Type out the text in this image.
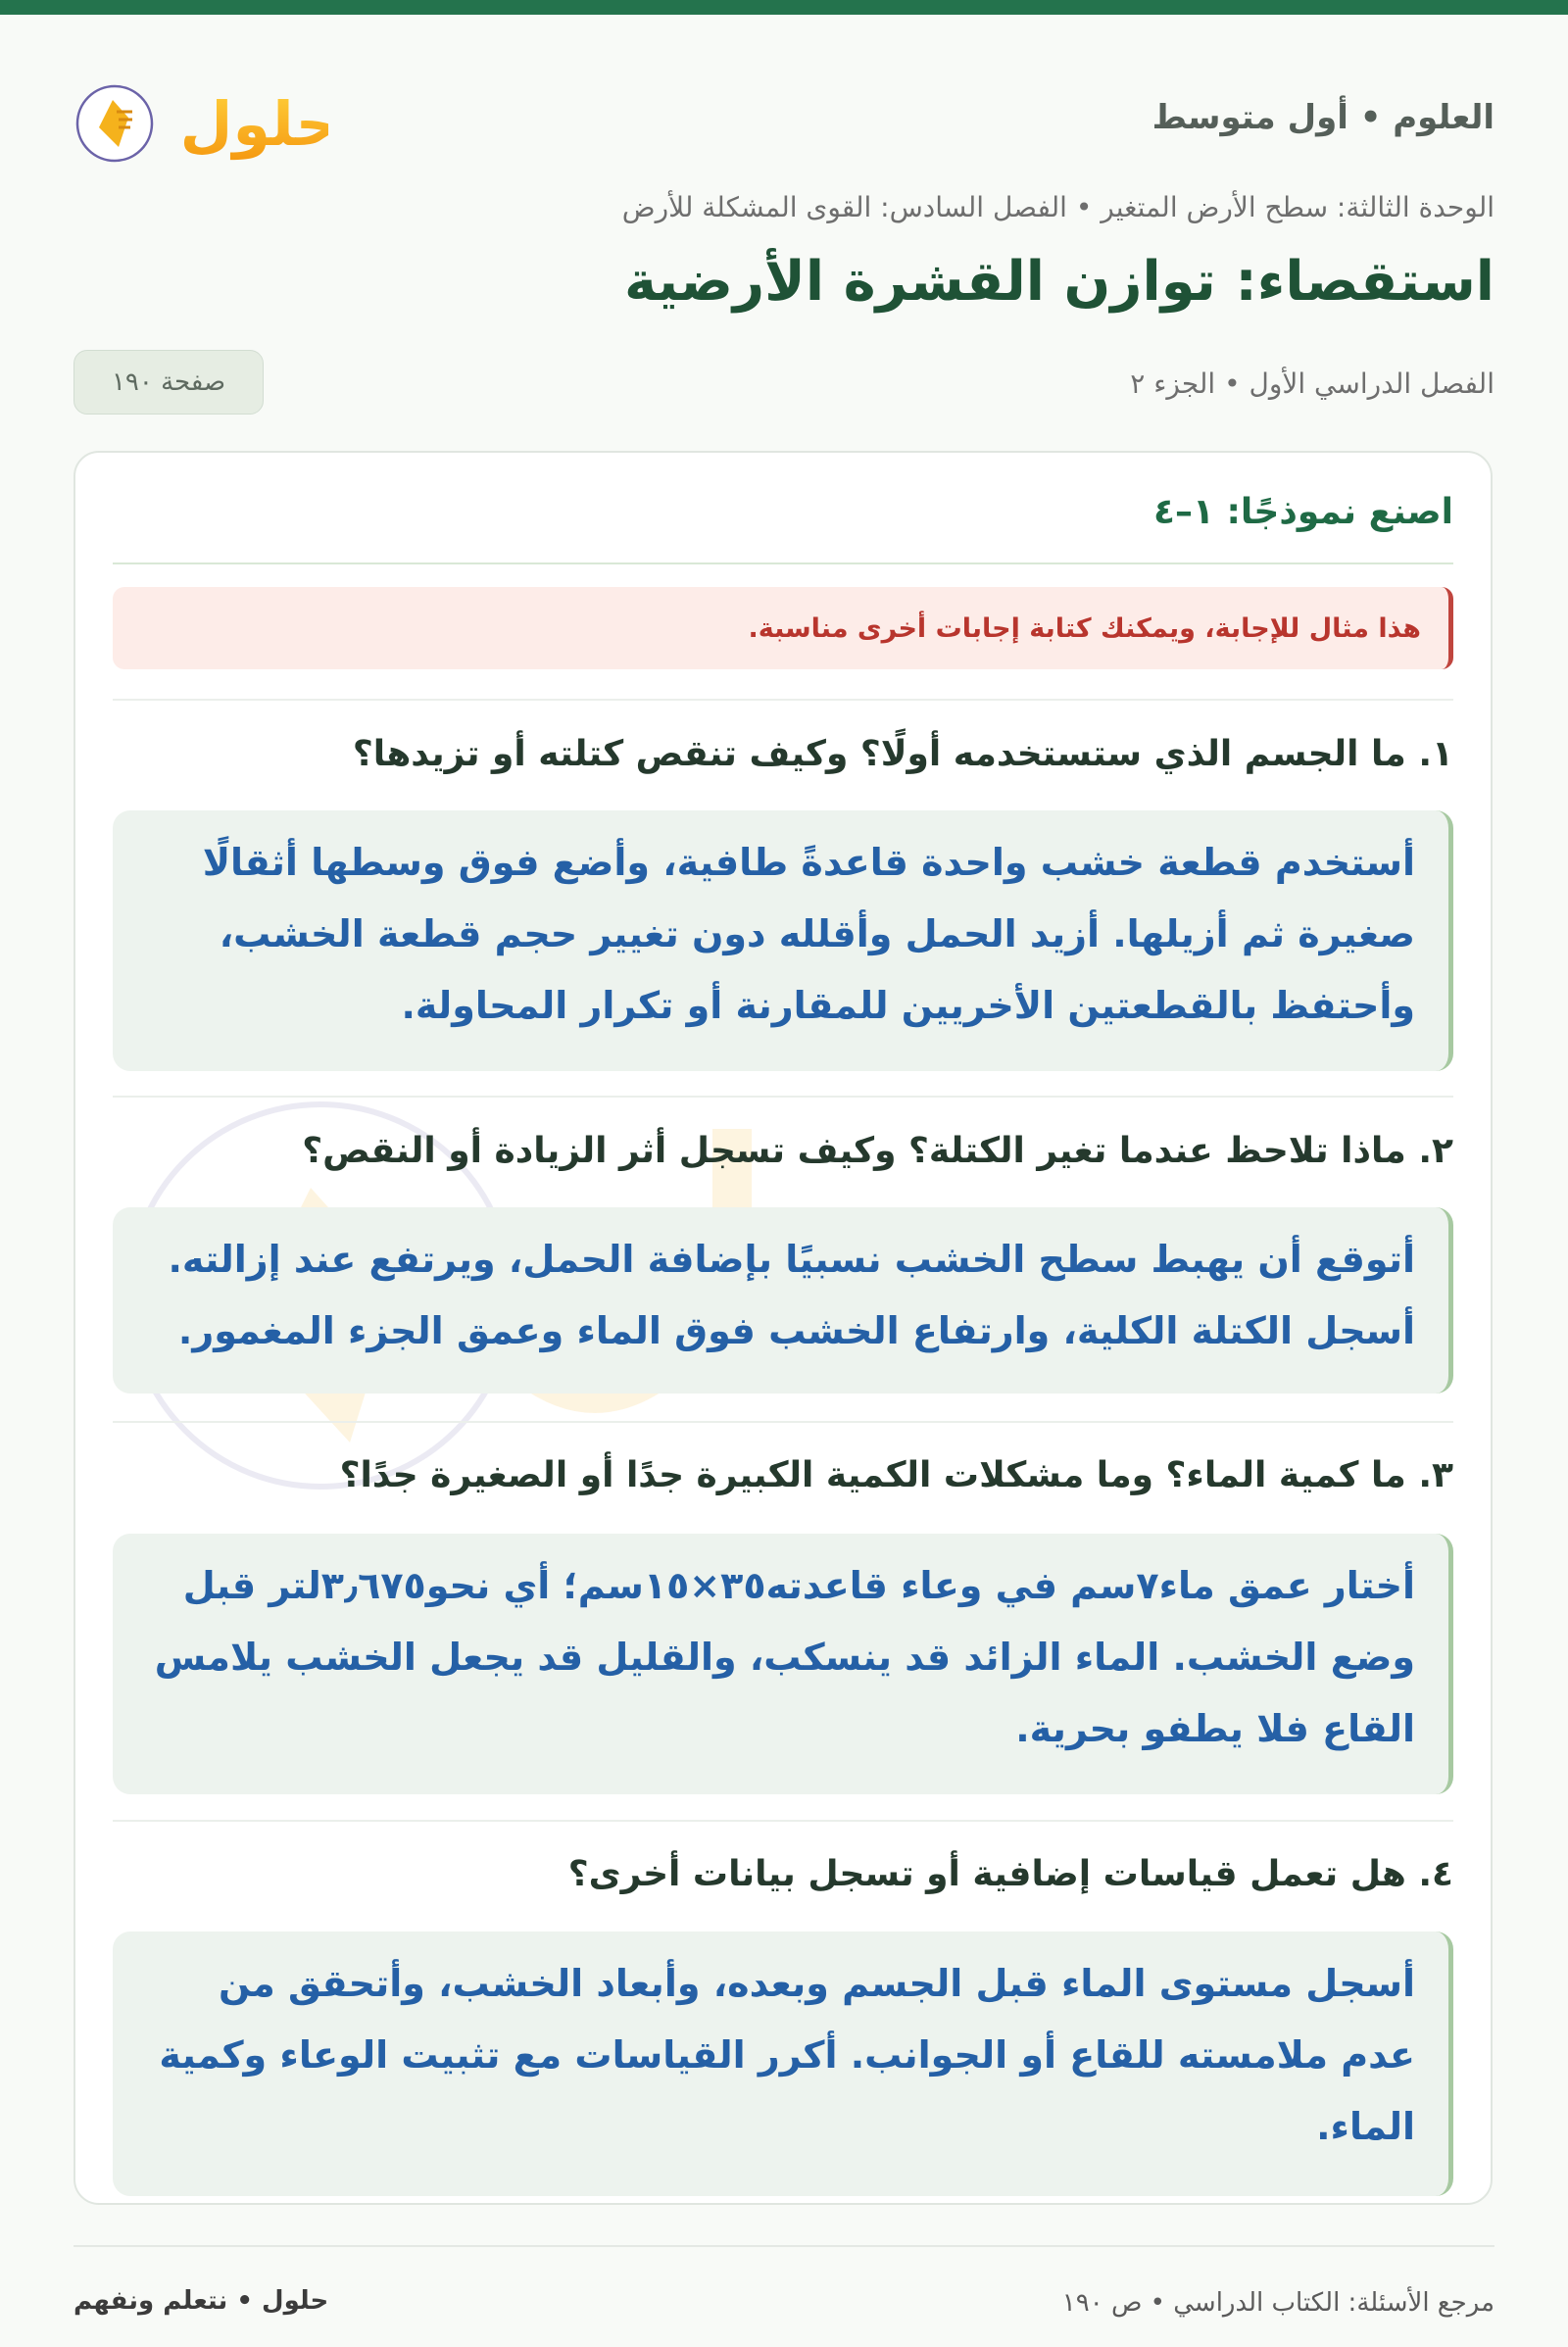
العلوم • أول متوسط
حلول
الوحدة الثالثة: سطح الأرض المتغير • الفصل السادس: القوى المشكلة للأرض
استقصاء: توازن القشرة الأرضية
الفصل الدراسي الأول • الجزء ٢
صفحة ١٩٠
اصنع نموذجًا: ١–٤
هذا مثال للإجابة، ويمكنك كتابة إجابات أخرى مناسبة.
١. ما الجسم الذي ستستخدمه أولًا؟ وكيف تنقص كتلته أو تزيدها؟
أستخدم قطعة خشب واحدة قاعدةً طافية، وأضع فوق وسطها أثقالًا صغيرة ثم أزيلها. أزيد الحمل وأقلله دون تغيير حجم قطعة الخشب، وأحتفظ بالقطعتين الأخريين للمقارنة أو تكرار المحاولة.
٢. ماذا تلاحظ عندما تغير الكتلة؟ وكيف تسجل أثر الزيادة أو النقص؟
أتوقع أن يهبط سطح الخشب نسبيًا بإضافة الحمل، ويرتفع عند إزالته. أسجل الكتلة الكلية، وارتفاع الخشب فوق الماء وعمق الجزء المغمور.
٣. ما كمية الماء؟ وما مشكلات الكمية الكبيرة جدًا أو الصغيرة جدًا؟
أختار عمق ماء٧سم في وعاء قاعدته٣٥×١٥سم؛ أي نحو٣٫٦٧٥لتر قبل وضع الخشب. الماء الزائد قد ينسكب، والقليل قد يجعل الخشب يلامس القاع فلا يطفو بحرية.
٤. هل تعمل قياسات إضافية أو تسجل بيانات أخرى؟
أسجل مستوى الماء قبل الجسم وبعده، وأبعاد الخشب، وأتحقق من عدم ملامسته للقاع أو الجوانب. أكرر القياسات مع تثبيت الوعاء وكمية الماء.
مرجع الأسئلة: الكتاب الدراسي • ص ١٩٠
حلول • نتعلم ونفهم
